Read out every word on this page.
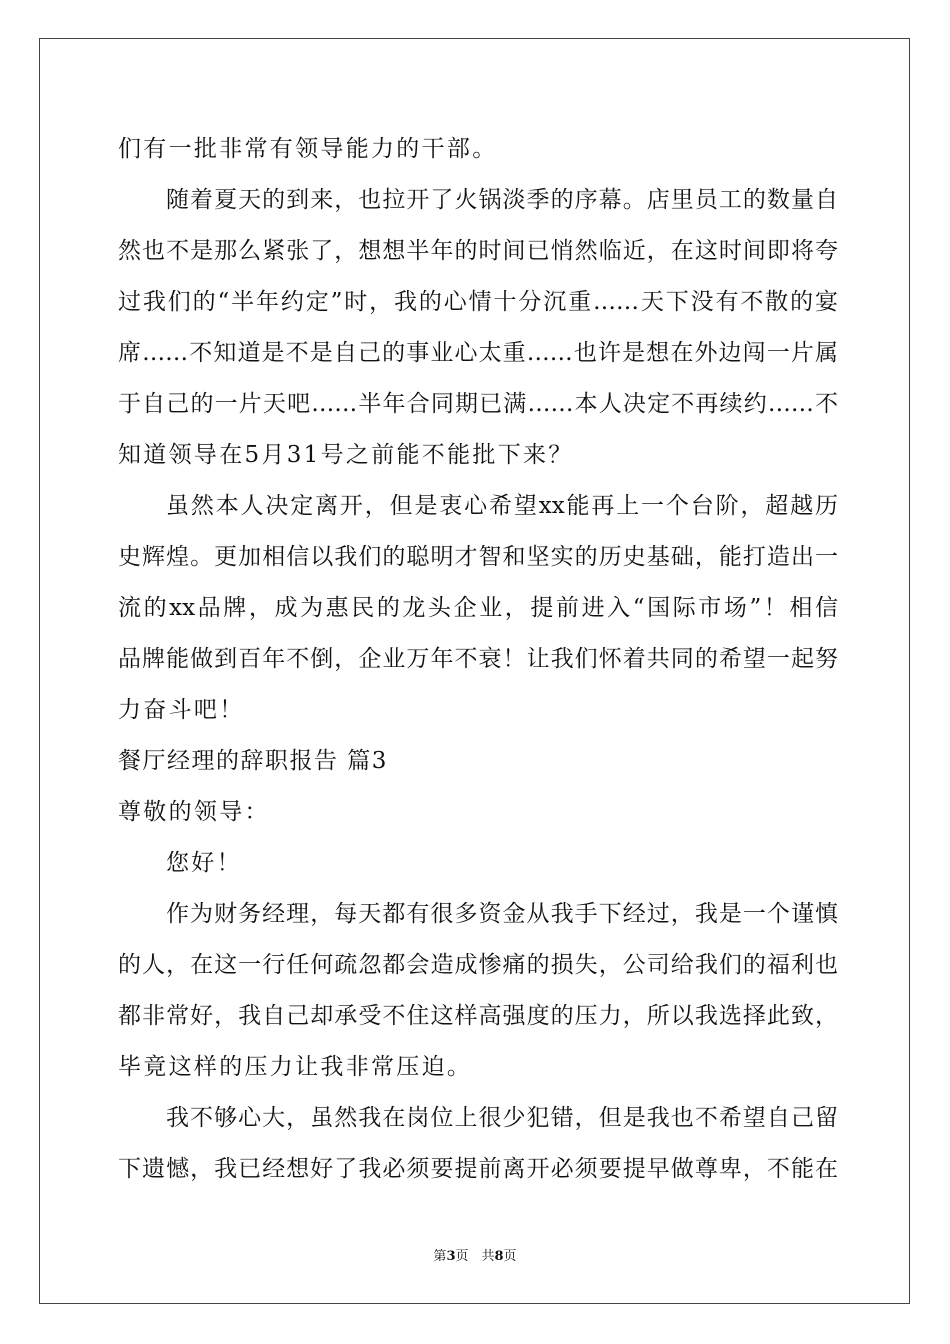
们有一批非常有领导能力的干部。
随着夏天的到来，也拉开了火锅淡季的序幕。店里员工的数量自
然也不是那么紧张了，想想半年的时间已悄然临近，在这时间即将夸
过我们的“半年约定”时，我的心情十分沉重……天下没有不散的宴
席……不知道是不是自己的事业心太重……也许是想在外边闯一片属
于自己的一片天吧……半年合同期已满……本人决定不再续约……不
知道领导在5月31号之前能不能批下来？
虽然本人决定离开，但是衷心希望xx能再上一个台阶，超越历
史辉煌。更加相信以我们的聪明才智和坚实的历史基础，能打造出一
流的xx品牌，成为惠民的龙头企业，提前进入“国际市场”！相信
品牌能做到百年不倒，企业万年不衰！让我们怀着共同的希望一起努
力奋斗吧！
餐厅经理的辞职报告 篇3
尊敬的领导：
您好！
作为财务经理，每天都有很多资金从我手下经过，我是一个谨慎
的人，在这一行任何疏忽都会造成惨痛的损失，公司给我们的福利也
都非常好，我自己却承受不住这样高强度的压力，所以我选择此致，
毕竟这样的压力让我非常压迫。
我不够心大，虽然我在岗位上很少犯错，但是我也不希望自己留
下遗憾，我已经想好了我必须要提前离开必须要提早做尊卑，不能在
第3页　共8页
